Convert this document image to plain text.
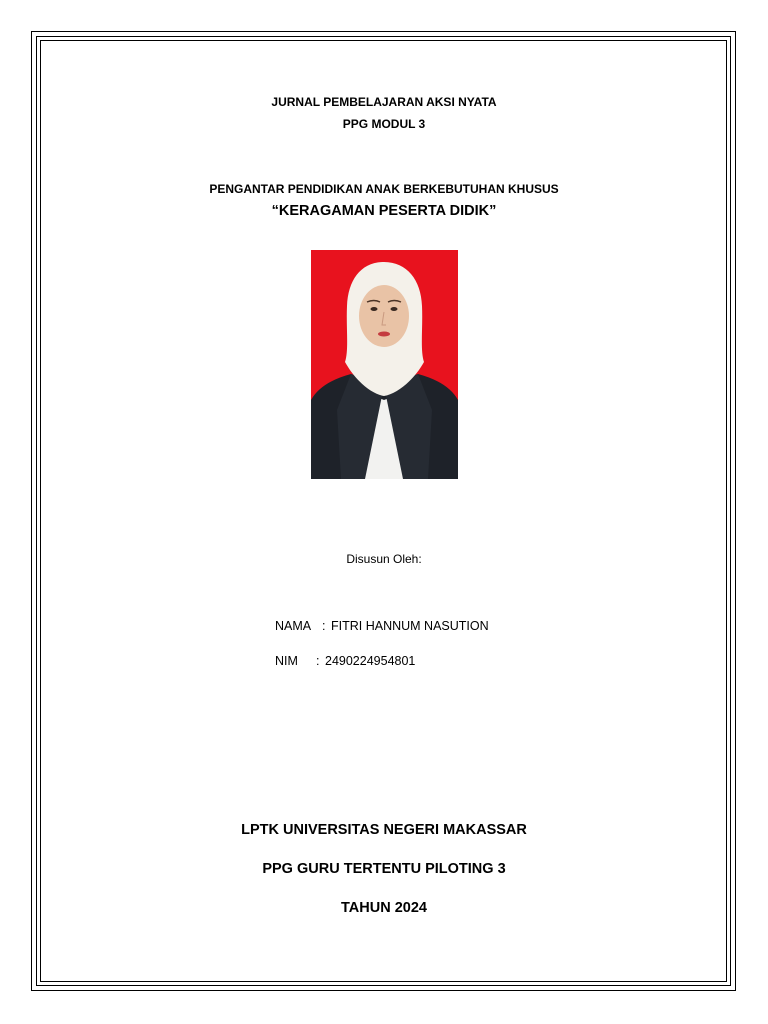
JURNAL PEMBELAJARAN AKSI NYATA
PPG MODUL 3
PENGANTAR PENDIDIKAN ANAK BERKEBUTUHAN KHUSUS
“KERAGAMAN PESERTA DIDIK”
Disusun Oleh:
NAMA : FITRI HANNUM NASUTION
NIM : 2490224954801
LPTK UNIVERSITAS NEGERI MAKASSAR
PPG GURU TERTENTU PILOTING 3
TAHUN 2024
